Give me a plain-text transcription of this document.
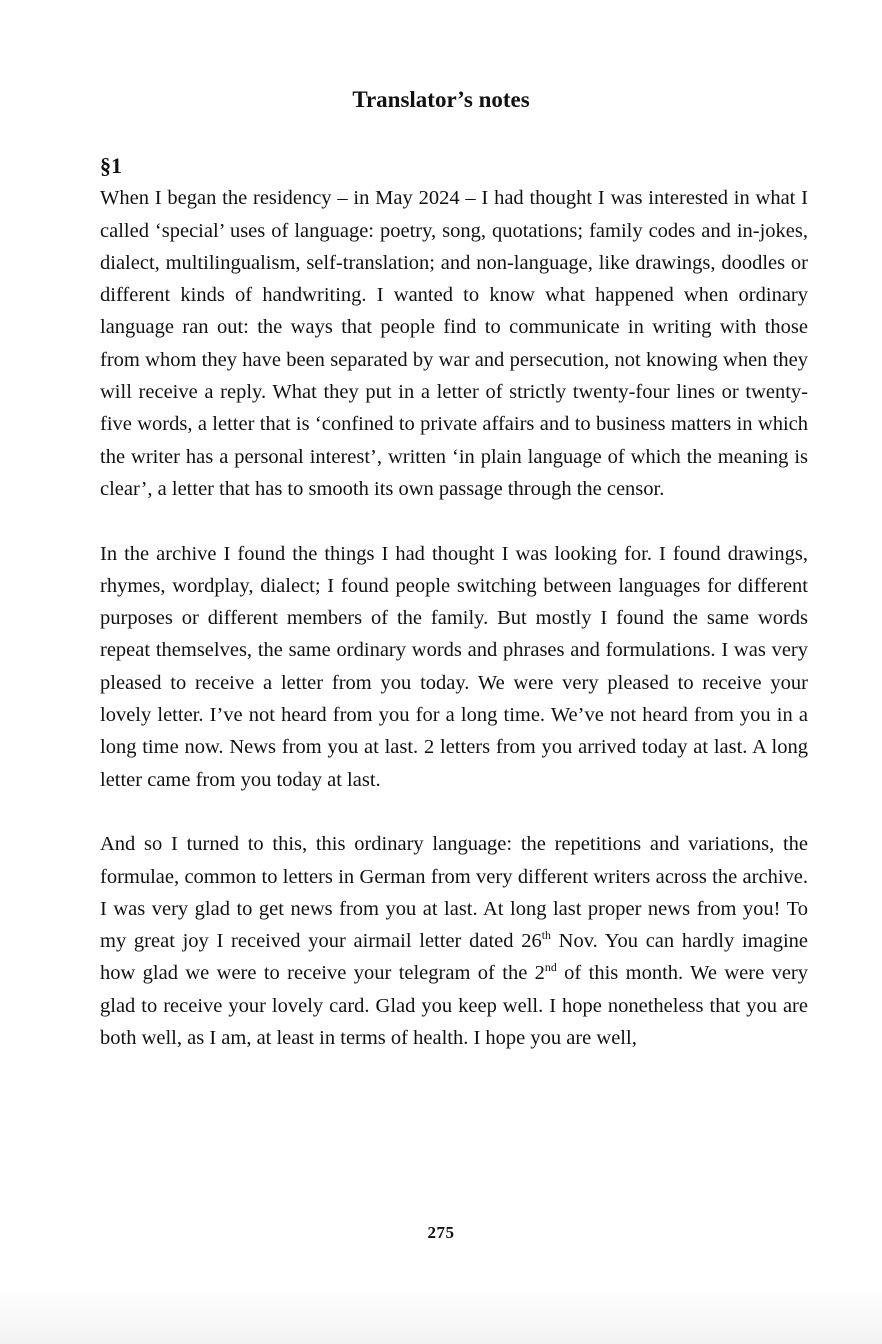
Translator’s notes
§1

When I began the residency – in May 2024 – I had thought I was interested in what I called ‘special’ uses of language: poetry, song, quotations; family codes and in-jokes, dialect, multilingualism, self-translation; and non-language, like drawings, doodles or different kinds of handwriting. I wanted to know what happened when ordinary language ran out: the ways that people find to communicate in writing with those from whom they have been separated by war and persecution, not knowing when they will receive a reply. What they put in a letter of strictly twenty-four lines or twenty-five words, a letter that is ‘confined to private affairs and to business matters in which the writer has a personal interest’, written ‘in plain language of which the meaning is clear’, a letter that has to smooth its own passage through the censor.

In the archive I found the things I had thought I was looking for. I found drawings, rhymes, wordplay, dialect; I found people switching between languages for different purposes or different members of the family. But mostly I found the same words repeat themselves, the same ordinary words and phrases and formulations. I was very pleased to receive a letter from you today. We were very pleased to receive your lovely letter. I’ve not heard from you for a long time. We’ve not heard from you in a long time now. News from you at last. 2 letters from you arrived today at last. A long letter came from you today at last.

And so I turned to this, this ordinary language: the repetitions and variations, the formulae, common to letters in German from very different writers across the archive. I was very glad to get news from you at last. At long last proper news from you! To my great joy I received your airmail letter dated 26th Nov. You can hardly imagine how glad we were to receive your telegram of the 2nd of this month. We were very glad to receive your lovely card. Glad you keep well. I hope nonetheless that you are both well, as I am, at least in terms of health. I hope you are well,

275
